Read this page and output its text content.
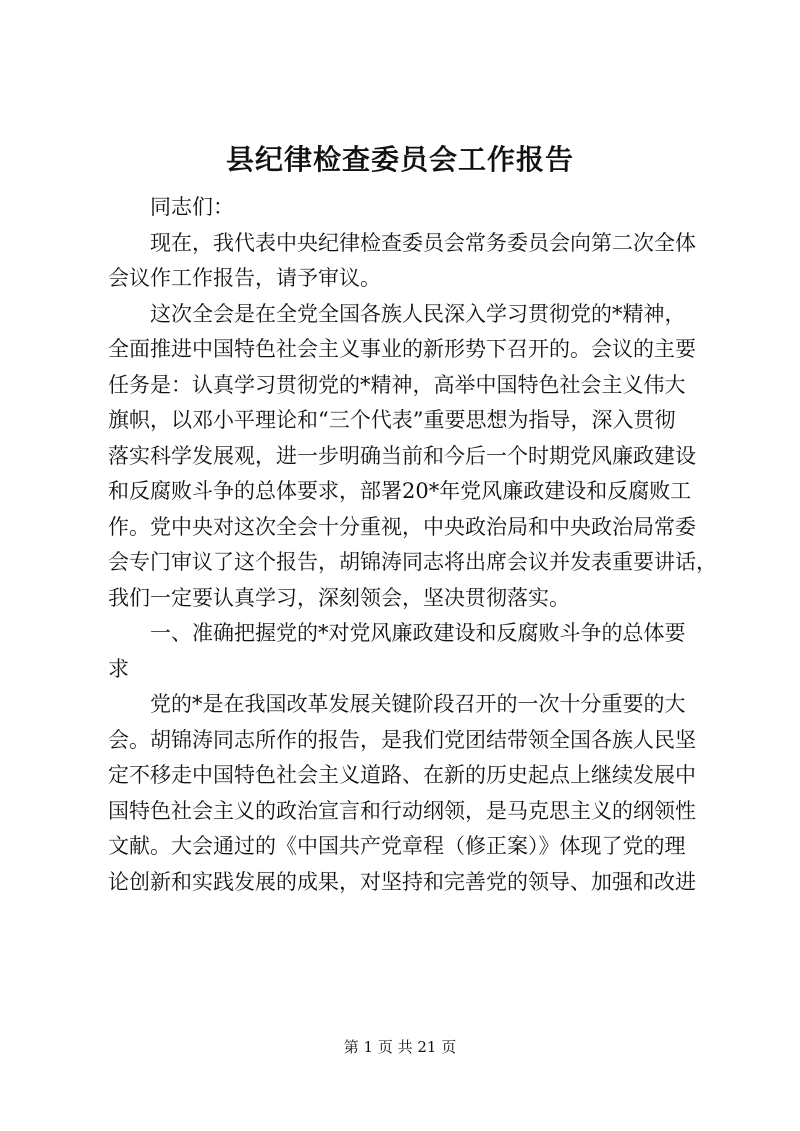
县纪律检查委员会工作报告

同志们：

现在，我代表中央纪律检查委员会常务委员会向第二次全体

会议作工作报告，请予审议。

这次全会是在全党全国各族人民深入学习贯彻党的*精神，

全面推进中国特色社会主义事业的新形势下召开的。会议的主要

任务是：认真学习贯彻党的*精神，高举中国特色社会主义伟大

旗帜，以邓小平理论和“三个代表”重要思想为指导，深入贯彻

落实科学发展观，进一步明确当前和今后一个时期党风廉政建设

和反腐败斗争的总体要求，部署20*年党风廉政建设和反腐败工

作。党中央对这次全会十分重视，中央政治局和中央政治局常委

会专门审议了这个报告，胡锦涛同志将出席会议并发表重要讲话，

我们一定要认真学习，深刻领会，坚决贯彻落实。

一、准确把握党的*对党风廉政建设和反腐败斗争的总体要

求

党的*是在我国改革发展关键阶段召开的一次十分重要的大

会。胡锦涛同志所作的报告，是我们党团结带领全国各族人民坚

定不移走中国特色社会主义道路、在新的历史起点上继续发展中

国特色社会主义的政治宣言和行动纲领，是马克思主义的纲领性

文献。大会通过的《中国共产党章程（修正案）》体现了党的理

论创新和实践发展的成果，对坚持和完善党的领导、加强和改进

第 1 页 共 21 页
